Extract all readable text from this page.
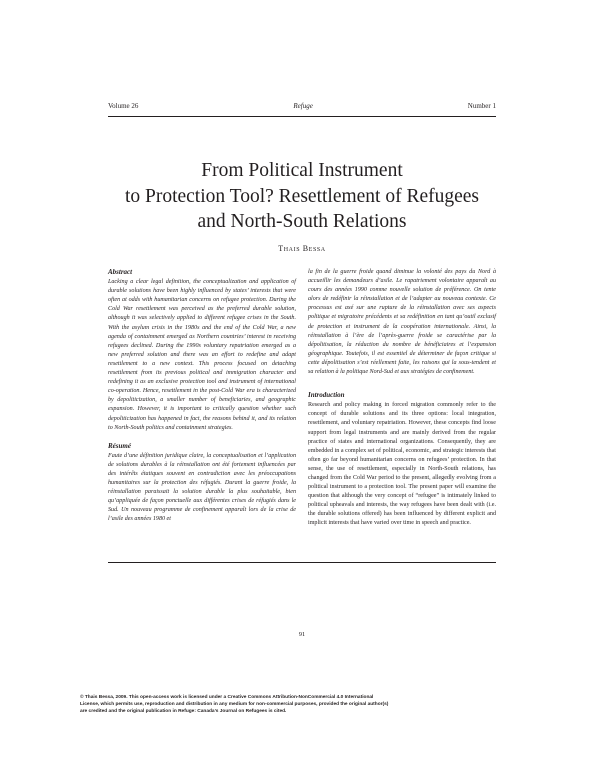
Volume 26	Refuge	Number 1
From Political Instrument
to Protection Tool? Resettlement of Refugees
and North-South Relations
Thais Bessa
Abstract

Lacking a clear legal definition, the conceptualization and application of durable solutions have been highly influenced by states’ interests that were often at odds with humanitarian concerns on refugee protection. During the Cold War resettlement was perceived as the preferred durable solution, although it was selectively applied to different refugee crises in the South. With the asylum crisis in the 1980s and the end of the Cold War, a new agenda of containment emerged as Northern countries’ interest in receiving refugees declined. During the 1990s voluntary repatriation emerged as a new preferred solution and there was an effort to redefine and adapt resettlement to a new context. This process focused on detaching resettlement from its previous political and immigration character and redefining it as an exclusive protection tool and instrument of international co-operation. Hence, resettlement in the post-Cold War era is characterized by depoliticization, a smaller number of beneficiaries, and geographic expansion. However, it is important to critically question whether such depoliticization has happened in fact, the reasons behind it, and its relation to North-South politics and containment strategies.

Résumé

Faute d’une définition juridique claire, la conceptualisation et l’application de solutions durables à la réinstallation ont été fortement influencées par des intérêts étatiques souvent en contradiction avec les préoccupations humanitaires sur la protection des réfugiés. Durant la guerre froide, la réinstallation paraissait la solution durable la plus souhaitable, bien qu’appliquée de façon ponctuelle aux différentes crises de réfugiés dans le Sud. Un nouveau programme de confinement apparaît lors de la crise de l’asile des années 1980 et

la fin de la guerre froide quand diminue la volonté des pays du Nord à accueillir les demandeurs d’asile. Le rapatriement volontaire apparaît au cours des années 1990 comme nouvelle solution de préférence. On tente alors de redéfinir la réinstallation et de l’adapter au nouveau contexte. Ce processus est axé sur une rupture de la réinstallation avec ses aspects politique et migratoire précédents et sa redéfinition en tant qu’outil exclusif de protection et instrument de la coopération internationale. Ainsi, la réinstallation à l’ère de l’après-guerre froide se caractérise par la dépolitisation, la réduction du nombre de bénéficiaires et l’expansion géographique. Toutefois, il est essentiel de déterminer de façon critique si cette dépolitisation s’est réellement faite, les raisons qui la sous-tendent et sa relation à la politique Nord-Sud et aux stratégies de confinement.

Introduction

Research and policy making in forced migration commonly refer to the concept of durable solutions and its three options: local integration, resettlement, and voluntary repatriation. However, these concepts find loose support from legal instruments and are mainly derived from the regular practice of states and international organizations. Consequently, they are embedded in a complex set of political, economic, and strategic interests that often go far beyond humanitarian concerns on refugees’ protection. In that sense, the use of resettlement, especially in North-South relations, has changed from the Cold War period to the present, allegedly evolving from a political instrument to a protection tool. The present paper will examine the question that although the very concept of “refugee” is intimately linked to political upheavals and interests, the way refugees have been dealt with (i.e. the durable solutions offered) has been influenced by different explicit and implicit interests that have varied over time in speech and practice.

91
© Thais Bessa, 2009. This open-access work is licensed under a Creative Commons Attribution-NonCommercial 4.0 International
License, which permits use, reproduction and distribution in any medium for non-commercial purposes, provided the original author(s)
are credited and the original publication in Refuge: Canada’s Journal on Refugees is cited.
